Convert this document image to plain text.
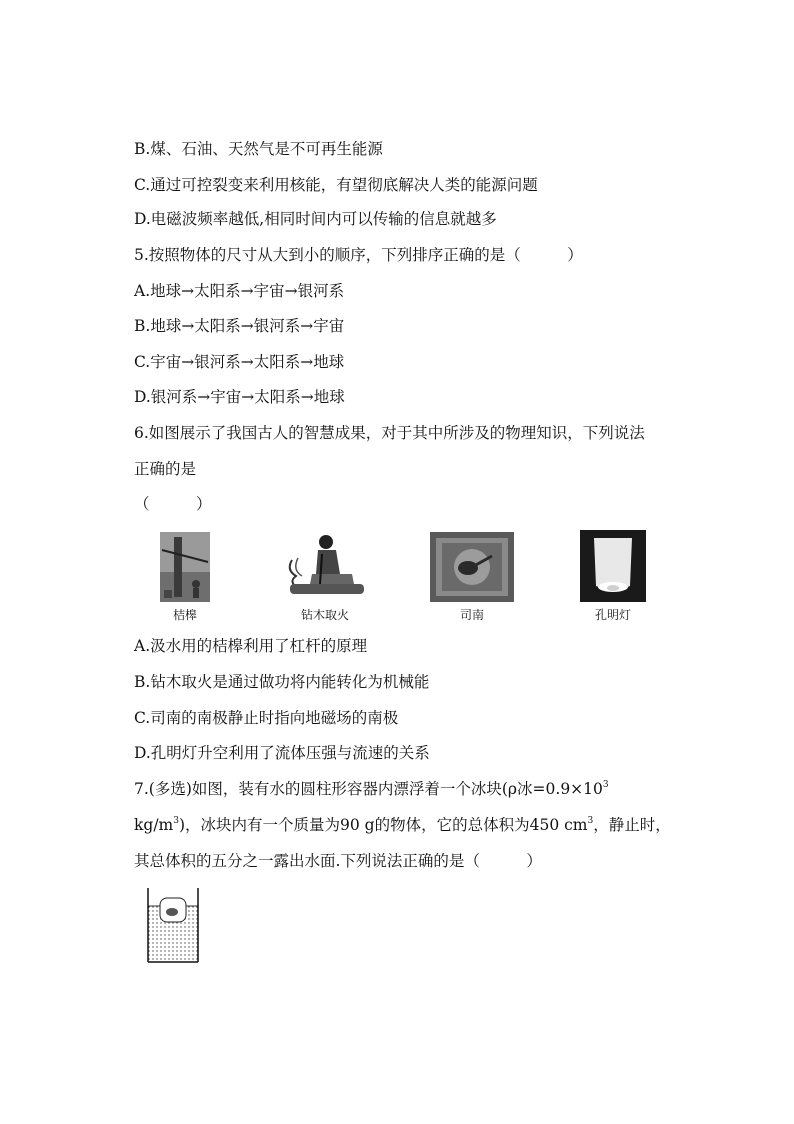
B.煤、石油、天然气是不可再生能源
C.通过可控裂变来利用核能，有望彻底解决人类的能源问题
D.电磁波频率越低,相同时间内可以传输的信息就越多
5.按照物体的尺寸从大到小的顺序，下列排序正确的是（　　　）
A.地球→太阳系→宇宙→银河系
B.地球→太阳系→银河系→宇宙
C.宇宙→银河系→太阳系→地球
D.银河系→宇宙→太阳系→地球
6.如图展示了我国古人的智慧成果，对于其中所涉及的物理知识，下列说法
正确的是
（　　　）
桔槔	钻木取火	司南	孔明灯
A.汲水用的桔槔利用了杠杆的原理
B.钻木取火是通过做功将内能转化为机械能
C.司南的南极静止时指向地磁场的南极
D.孔明灯升空利用了流体压强与流速的关系
7.(多选)如图，装有水的圆柱形容器内漂浮着一个冰块(ρ冰$=0.9\times 10^3$
$kg/m^3$)，冰块内有一个质量为90 g的物体，它的总体积为450 $cm^3$，静止时，
其总体积的五分之一露出水面.下列说法正确的是（　　　）
